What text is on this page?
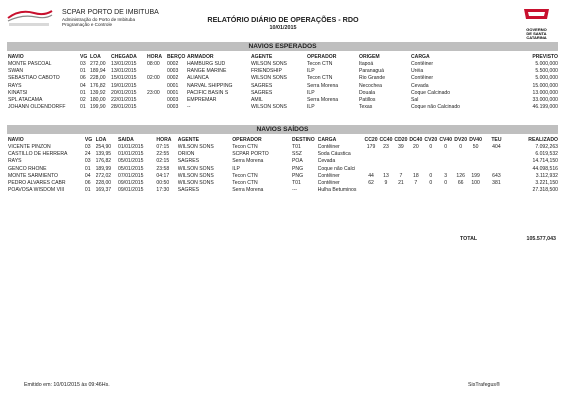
SCPAR PORTO DE IMBITUBA
Administração do Porto de Imbituba
Programação e Controle
RELATÓRIO DIÁRIO DE OPERAÇÕES - RDO
10/01/2015	GOVERNO
DE SANTA
CATARINA
NAVIOS ESPERADOS
NAVIO	VG	LOA	CHEGADA	HORA	BERÇO	ARMADOR	AGENTE	OPERADOR	ORIGEM	CARGA	PREVISTO
MONTE PASCOAL	03	272,00	13/01/2015	08:00	0002	HAMBURG SUD	WILSON SONS	Tecon CTN	Itapoá	Contêiner	5.000,000
SWAN	01	189,94	13/01/2015		0003	RANGE MARINE	FRIENDSHIP	ILP	Paranaguá	Uréia	5.500,000
SEBASTIAO CABOTO	06	228,00	15/01/2015	02:00	0002	ALIANCA	WILSON SONS	Tecon CTN	Rio Grande	Contêiner	5.000,000
RAYS	04	176,82	19/01/2015		0001	NARVAL SHIPPING	SAGRES	Serra Morena	Necochea	Cevada	15.000,000
KINATSI	01	139,92	20/01/2015	23:00	0001	PACIFIC BASIN S	SAGRES	ILP	Douala	Coque Calcinado	13.000,000
SPL ATACAMA	02	180,00	22/01/2015		0003	EMPREMAR	AMIL	Serra Morena	Patillos	Sal	33.000,000
JOHANN OLDENDORFF	01	199,90	28/01/2015		0003	--	WILSON SONS	ILP	Texas	Coque não Calcinado	46.199,000
NAVIOS SAÍDOS
NAVIO	VG	LOA	SAÍDA	HORA	AGENTE	OPERADOR	DESTINO	CARGA	CC20	CC40	CD20	DC40	CV20	CV40	DV20	DV40	TEU	REALIZADO
VICENTE PINZON	03	254,90	01/01/2015	07:15	WILSON SONS	Tecon CTN	T01	Contêiner	179	23	39	20	0	0	0	50	404	7.092,263
CASTILLO DE HERRERA	24	139,95	01/01/2015	22:55	ORION	SCPAR PORTO	SSZ	Soda Cáustica										6.019,532
RAYS	03	176,82	05/01/2015	02:15	SAGRES	Serra Morena	POA	Cevada										14.714,150
GENCO RHONE	01	189,99	05/01/2015	23:58	WILSON SONS	ILP	PNG	Coque não Calci										44.098,516
MONTE SARMIENTO	04	272,02	07/01/2015	04:17	WILSON SONS	Tecon CTN	PNG	Contêiner	44	13	7	18	0	3	126	199	643	3.112,932
PEDRO ALVARES CABR	06	228,00	09/01/2015	00:50	WILSON SONS	Tecon CTN	T01	Contêiner	62	9	21	7	0	0	66	100	381	3.221,150
POAVOSA WISDOM VIII	01	169,37	09/01/2015	17:30	SAGRES	Serra Morena	---	Hulha Betuminos										27.318,500
TOTAL	105.577,043
Emitido em: 10/01/2015 às 09:46Hs.	SisTrafegus®
